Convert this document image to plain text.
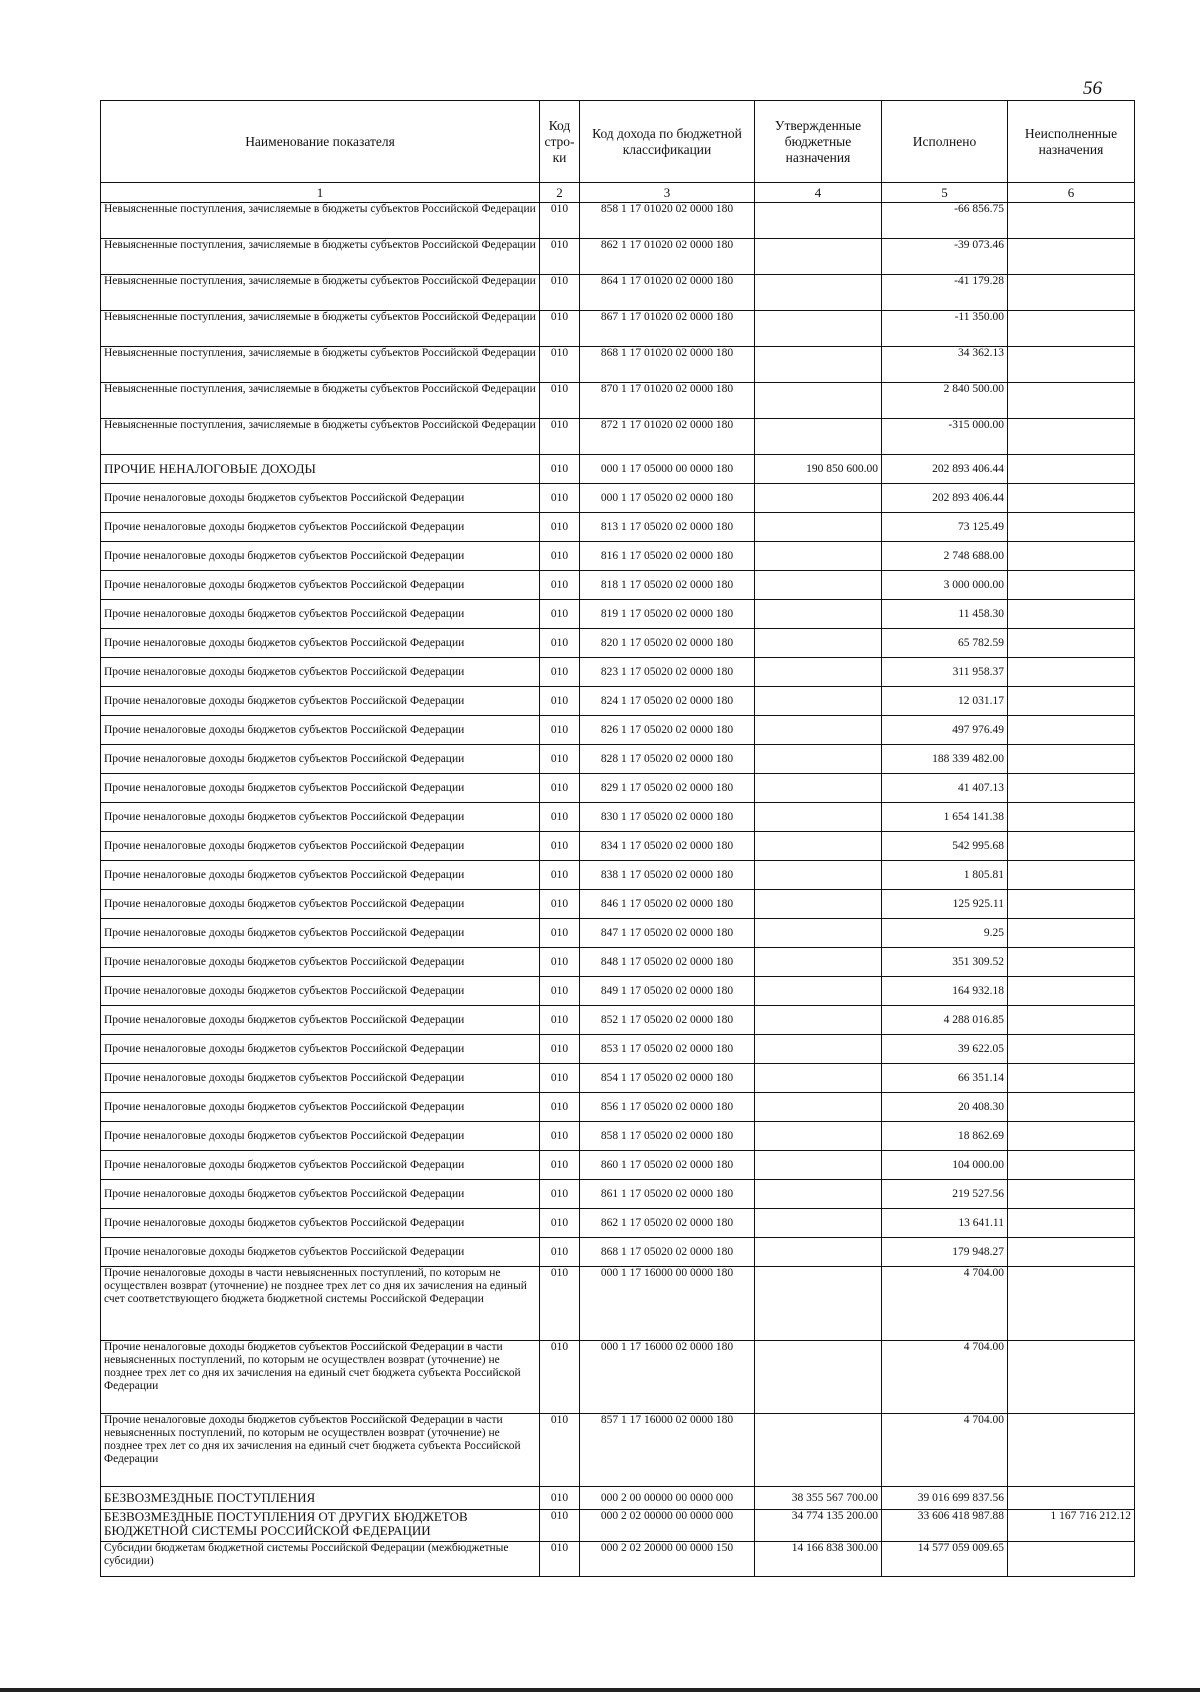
56
Наименование показателя	Код стро-ки	Код дохода по бюджетной классификации	Утвержденные бюджетные назначения	Исполнено	Неисполненные назначения
1	2	3	4	5	6
Невыясненные поступления, зачисляемые в бюджеты субъектов Российской Федерации	010	858 1 17 01020 02 0000 180		-66 856.75	
Невыясненные поступления, зачисляемые в бюджеты субъектов Российской Федерации	010	862 1 17 01020 02 0000 180		-39 073.46	
Невыясненные поступления, зачисляемые в бюджеты субъектов Российской Федерации	010	864 1 17 01020 02 0000 180		-41 179.28	
Невыясненные поступления, зачисляемые в бюджеты субъектов Российской Федерации	010	867 1 17 01020 02 0000 180		-11 350.00	
Невыясненные поступления, зачисляемые в бюджеты субъектов Российской Федерации	010	868 1 17 01020 02 0000 180		34 362.13	
Невыясненные поступления, зачисляемые в бюджеты субъектов Российской Федерации	010	870 1 17 01020 02 0000 180		2 840 500.00	
Невыясненные поступления, зачисляемые в бюджеты субъектов Российской Федерации	010	872 1 17 01020 02 0000 180		-315 000.00	
ПРОЧИЕ НЕНАЛОГОВЫЕ ДОХОДЫ	010	000 1 17 05000 00 0000 180	190 850 600.00	202 893 406.44	
Прочие неналоговые доходы бюджетов субъектов Российской Федерации	010	000 1 17 05020 02 0000 180		202 893 406.44	
Прочие неналоговые доходы бюджетов субъектов Российской Федерации	010	813 1 17 05020 02 0000 180		73 125.49	
Прочие неналоговые доходы бюджетов субъектов Российской Федерации	010	816 1 17 05020 02 0000 180		2 748 688.00	
Прочие неналоговые доходы бюджетов субъектов Российской Федерации	010	818 1 17 05020 02 0000 180		3 000 000.00	
Прочие неналоговые доходы бюджетов субъектов Российской Федерации	010	819 1 17 05020 02 0000 180		11 458.30	
Прочие неналоговые доходы бюджетов субъектов Российской Федерации	010	820 1 17 05020 02 0000 180		65 782.59	
Прочие неналоговые доходы бюджетов субъектов Российской Федерации	010	823 1 17 05020 02 0000 180		311 958.37	
Прочие неналоговые доходы бюджетов субъектов Российской Федерации	010	824 1 17 05020 02 0000 180		12 031.17	
Прочие неналоговые доходы бюджетов субъектов Российской Федерации	010	826 1 17 05020 02 0000 180		497 976.49	
Прочие неналоговые доходы бюджетов субъектов Российской Федерации	010	828 1 17 05020 02 0000 180		188 339 482.00	
Прочие неналоговые доходы бюджетов субъектов Российской Федерации	010	829 1 17 05020 02 0000 180		41 407.13	
Прочие неналоговые доходы бюджетов субъектов Российской Федерации	010	830 1 17 05020 02 0000 180		1 654 141.38	
Прочие неналоговые доходы бюджетов субъектов Российской Федерации	010	834 1 17 05020 02 0000 180		542 995.68	
Прочие неналоговые доходы бюджетов субъектов Российской Федерации	010	838 1 17 05020 02 0000 180		1 805.81	
Прочие неналоговые доходы бюджетов субъектов Российской Федерации	010	846 1 17 05020 02 0000 180		125 925.11	
Прочие неналоговые доходы бюджетов субъектов Российской Федерации	010	847 1 17 05020 02 0000 180		9.25	
Прочие неналоговые доходы бюджетов субъектов Российской Федерации	010	848 1 17 05020 02 0000 180		351 309.52	
Прочие неналоговые доходы бюджетов субъектов Российской Федерации	010	849 1 17 05020 02 0000 180		164 932.18	
Прочие неналоговые доходы бюджетов субъектов Российской Федерации	010	852 1 17 05020 02 0000 180		4 288 016.85	
Прочие неналоговые доходы бюджетов субъектов Российской Федерации	010	853 1 17 05020 02 0000 180		39 622.05	
Прочие неналоговые доходы бюджетов субъектов Российской Федерации	010	854 1 17 05020 02 0000 180		66 351.14	
Прочие неналоговые доходы бюджетов субъектов Российской Федерации	010	856 1 17 05020 02 0000 180		20 408.30	
Прочие неналоговые доходы бюджетов субъектов Российской Федерации	010	858 1 17 05020 02 0000 180		18 862.69	
Прочие неналоговые доходы бюджетов субъектов Российской Федерации	010	860 1 17 05020 02 0000 180		104 000.00	
Прочие неналоговые доходы бюджетов субъектов Российской Федерации	010	861 1 17 05020 02 0000 180		219 527.56	
Прочие неналоговые доходы бюджетов субъектов Российской Федерации	010	862 1 17 05020 02 0000 180		13 641.11	
Прочие неналоговые доходы бюджетов субъектов Российской Федерации	010	868 1 17 05020 02 0000 180		179 948.27	
Прочие неналоговые доходы в части невыясненных поступлений, по которым не осуществлен возврат (уточнение) не позднее трех лет со дня их зачисления на единый счет соответствующего бюджета бюджетной системы Российской Федерации	010	000 1 17 16000 00 0000 180		4 704.00	
Прочие неналоговые доходы бюджетов субъектов Российской Федерации в части невыясненных поступлений, по которым не осуществлен возврат (уточнение) не позднее трех лет со дня их зачисления на единый счет бюджета субъекта Российской Федерации	010	000 1 17 16000 02 0000 180		4 704.00	
Прочие неналоговые доходы бюджетов субъектов Российской Федерации в части невыясненных поступлений, по которым не осуществлен возврат (уточнение) не позднее трех лет со дня их зачисления на единый счет бюджета субъекта Российской Федерации	010	857 1 17 16000 02 0000 180		4 704.00	
БЕЗВОЗМЕЗДНЫЕ ПОСТУПЛЕНИЯ	010	000 2 00 00000 00 0000 000	38 355 567 700.00	39 016 699 837.56	
БЕЗВОЗМЕЗДНЫЕ ПОСТУПЛЕНИЯ ОТ ДРУГИХ БЮДЖЕТОВ БЮДЖЕТНОЙ СИСТЕМЫ РОССИЙСКОЙ ФЕДЕРАЦИИ	010	000 2 02 00000 00 0000 000	34 774 135 200.00	33 606 418 987.88	1 167 716 212.12
Субсидии бюджетам бюджетной системы Российской Федерации (межбюджетные субсидии)	010	000 2 02 20000 00 0000 150	14 166 838 300.00	14 577 059 009.65	
